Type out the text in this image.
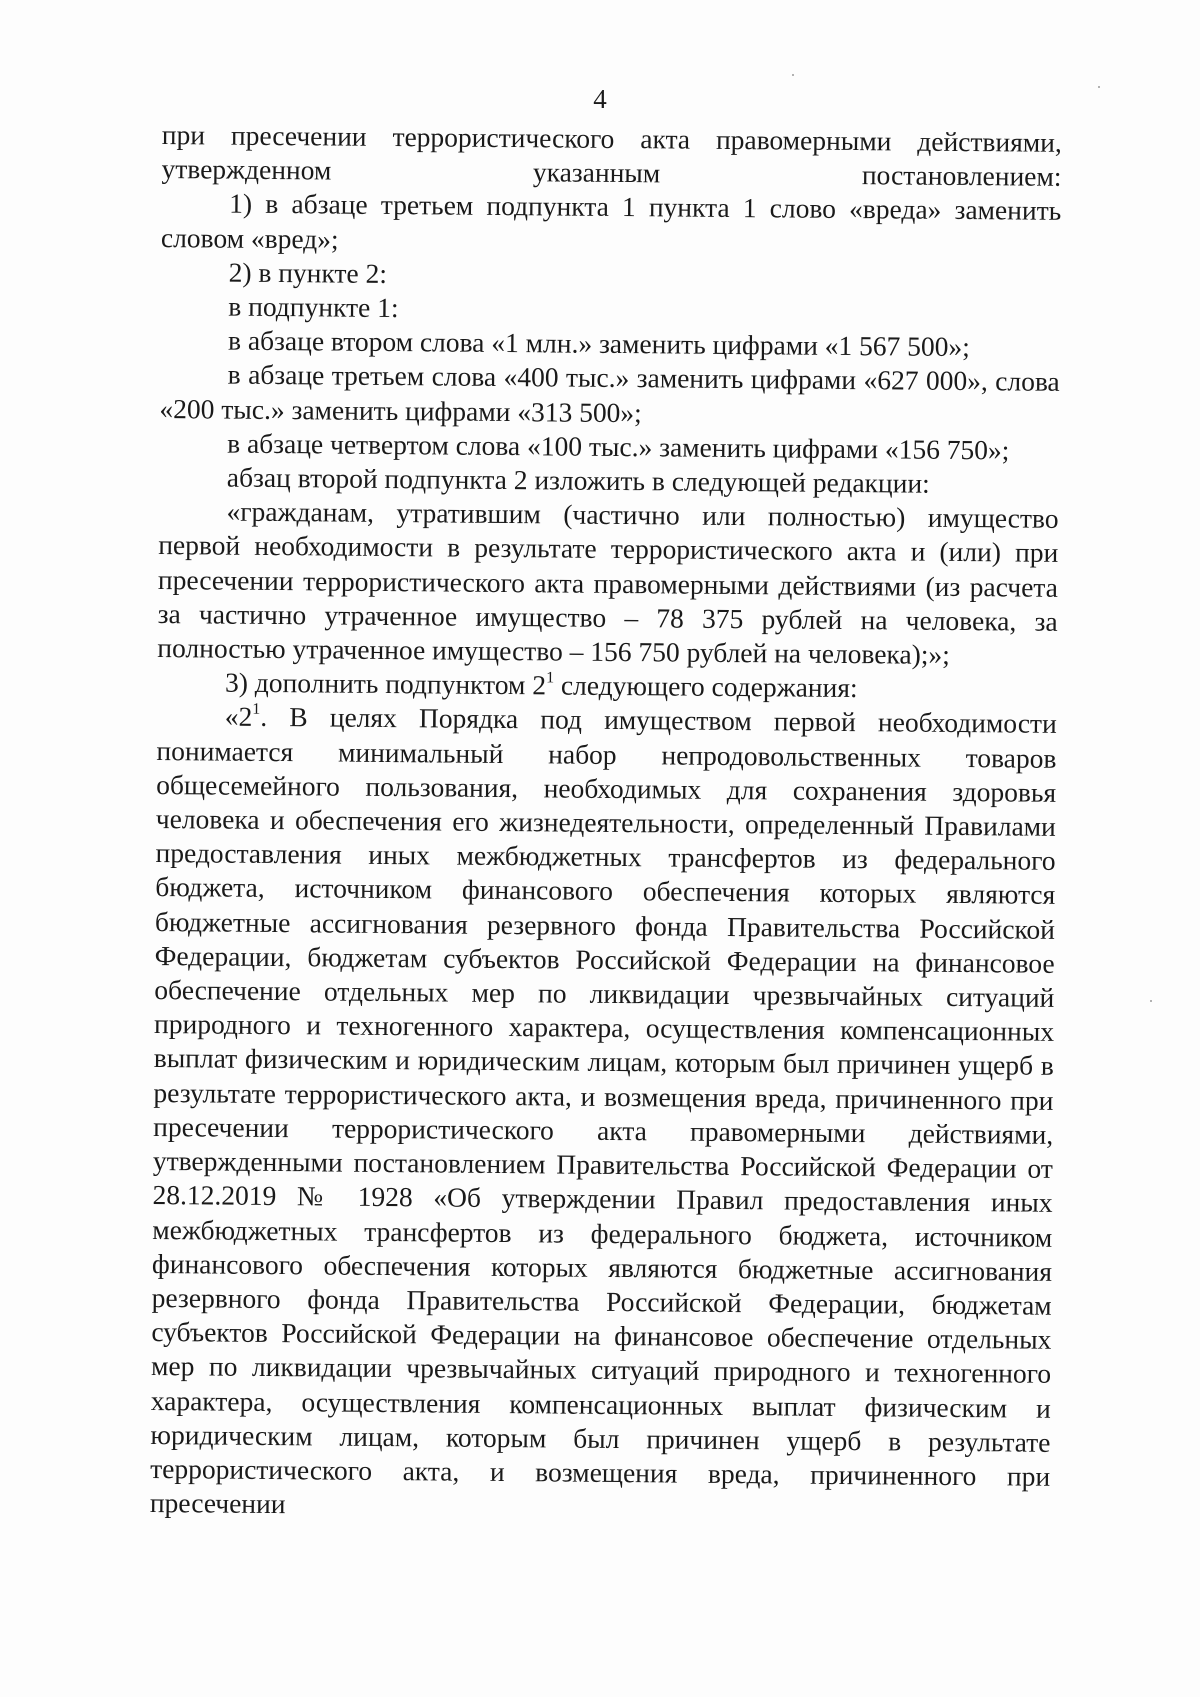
4

при пресечении террористического акта правомерными действиями, утвержденном указанным постановлением:

1) в абзаце третьем подпункта 1 пункта 1 слово «вреда» заменить словом «вред»;

2) в пункте 2:

в подпункте 1:

в абзаце втором слова «1 млн.» заменить цифрами «1 567 500»;

в абзаце третьем слова «400 тыс.» заменить цифрами «627 000», слова «200 тыс.» заменить цифрами «313 500»;

в абзаце четвертом слова «100 тыс.» заменить цифрами «156 750»;

абзац второй подпункта 2 изложить в следующей редакции:

«гражданам, утратившим (частично или полностью) имущество первой необходимости в результате террористического акта и (или) при пресечении террористического акта правомерными действиями (из расчета за частично утраченное имущество – 78 375 рублей на человека, за полностью утраченное имущество – 156 750 рублей на человека);»;

3) дополнить подпунктом $2^1$ следующего содержания:

«$2^1$. В целях Порядка под имуществом первой необходимости понимается минимальный набор непродовольственных товаров общесемейного пользования, необходимых для сохранения здоровья человека и обеспечения его жизнедеятельности, определенный Правилами предоставления иных межбюджетных трансфертов из федерального бюджета, источником финансового обеспечения которых являются бюджетные ассигнования резервного фонда Правительства Российской Федерации, бюджетам субъектов Российской Федерации на финансовое обеспечение отдельных мер по ликвидации чрезвычайных ситуаций природного и техногенного характера, осуществления компенсационных выплат физическим и юридическим лицам, которым был причинен ущерб в результате террористического акта, и возмещения вреда, причиненного при пресечении террористического акта правомерными действиями, утвержденными постановлением Правительства Российской Федерации от 28.12.2019 № 1928 «Об утверждении Правил предоставления иных межбюджетных трансфертов из федерального бюджета, источником финансового обеспечения которых являются бюджетные ассигнования резервного фонда Правительства Российской Федерации, бюджетам субъектов Российской Федерации на финансовое обеспечение отдельных мер по ликвидации чрезвычайных ситуаций природного и техногенного характера, осуществления компенсационных выплат физическим и юридическим лицам, которым был причинен ущерб в результате террористического акта, и возмещения вреда, причиненного при пресечении
